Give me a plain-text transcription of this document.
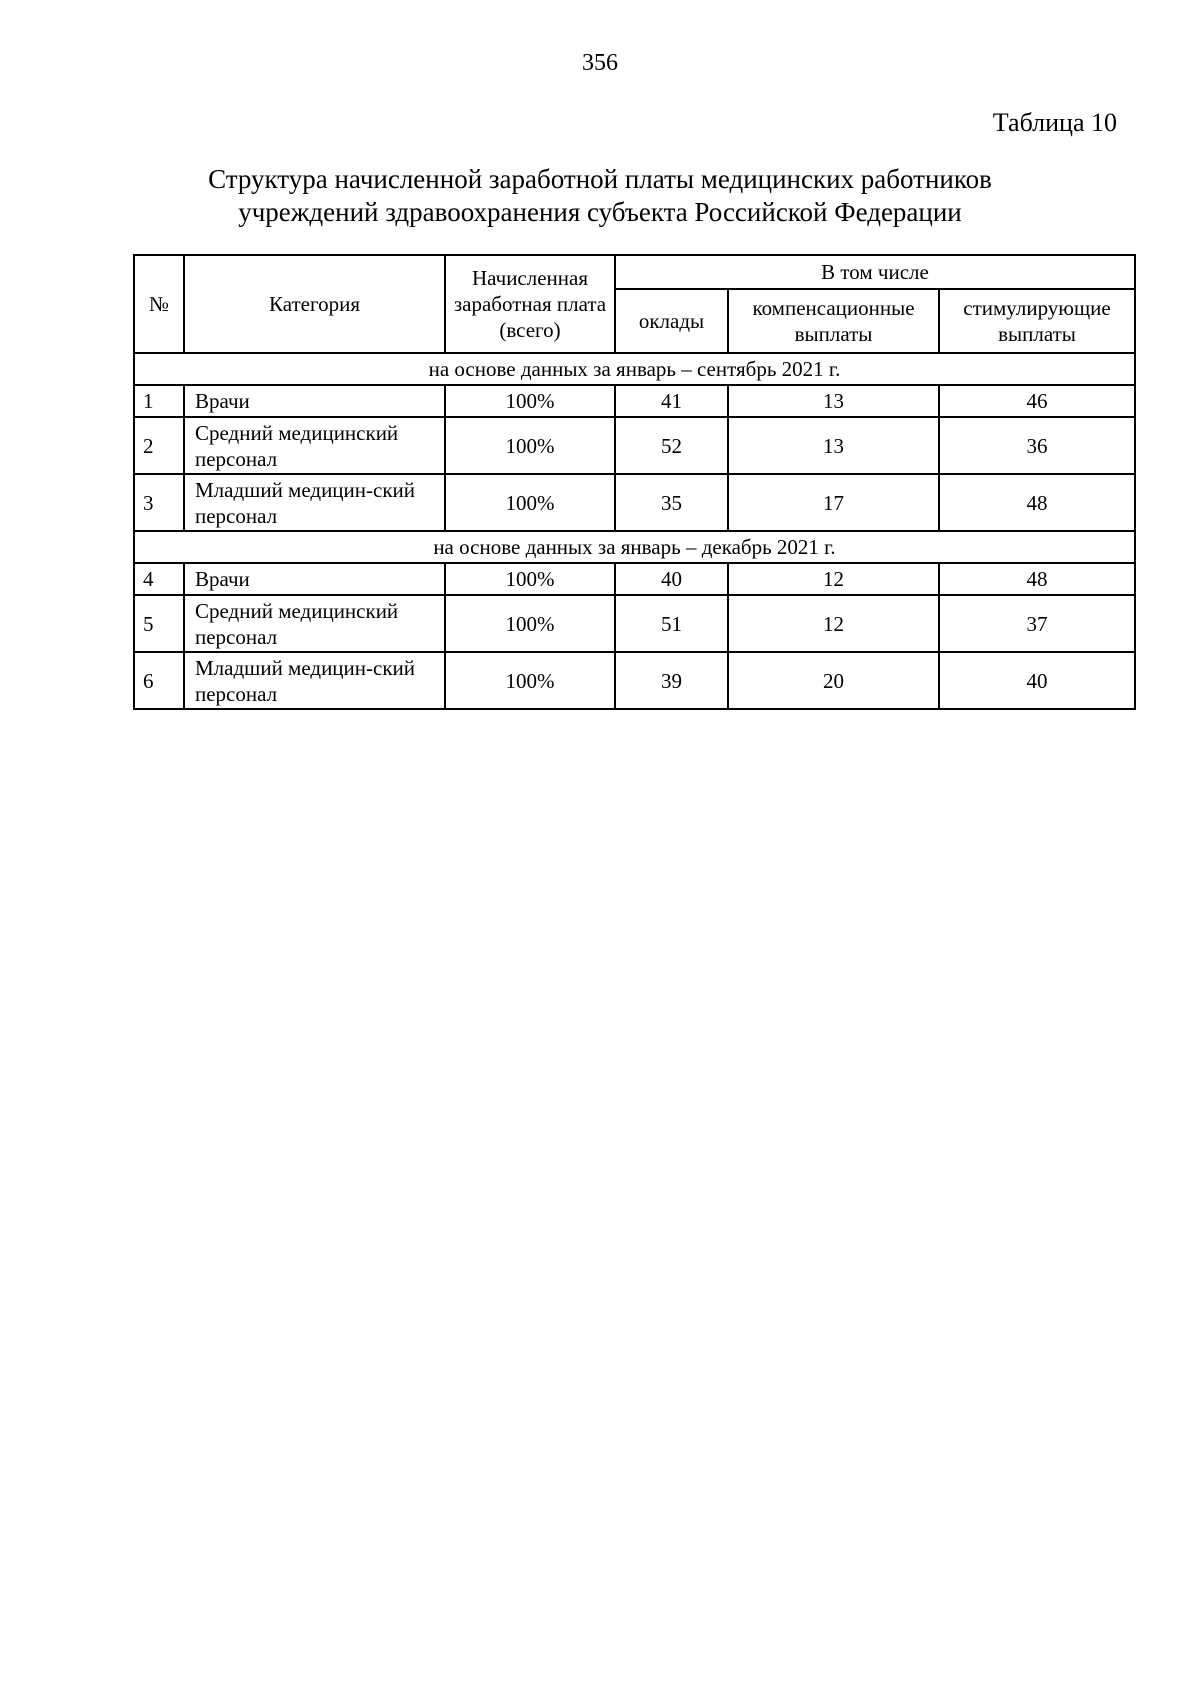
356
Таблица 10
Структура начисленной заработной платы медицинских работников
учреждений здравоохранения субъекта Российской Федерации
№	Категория	Начисленная заработная плата (всего)	В том числе		
			оклады	компенсационные выплаты	стимулирующие выплаты
на основе данных за январь – сентябрь 2021 г.					
1	Врачи	100%	41	13	46
2	Средний медицинский персонал	100%	52	13	36
3	Младший медицин-ский персонал	100%	35	17	48
на основе данных за январь – декабрь 2021 г.					
4	Врачи	100%	40	12	48
5	Средний медицинский персонал	100%	51	12	37
6	Младший медицин-ский персонал	100%	39	20	40
